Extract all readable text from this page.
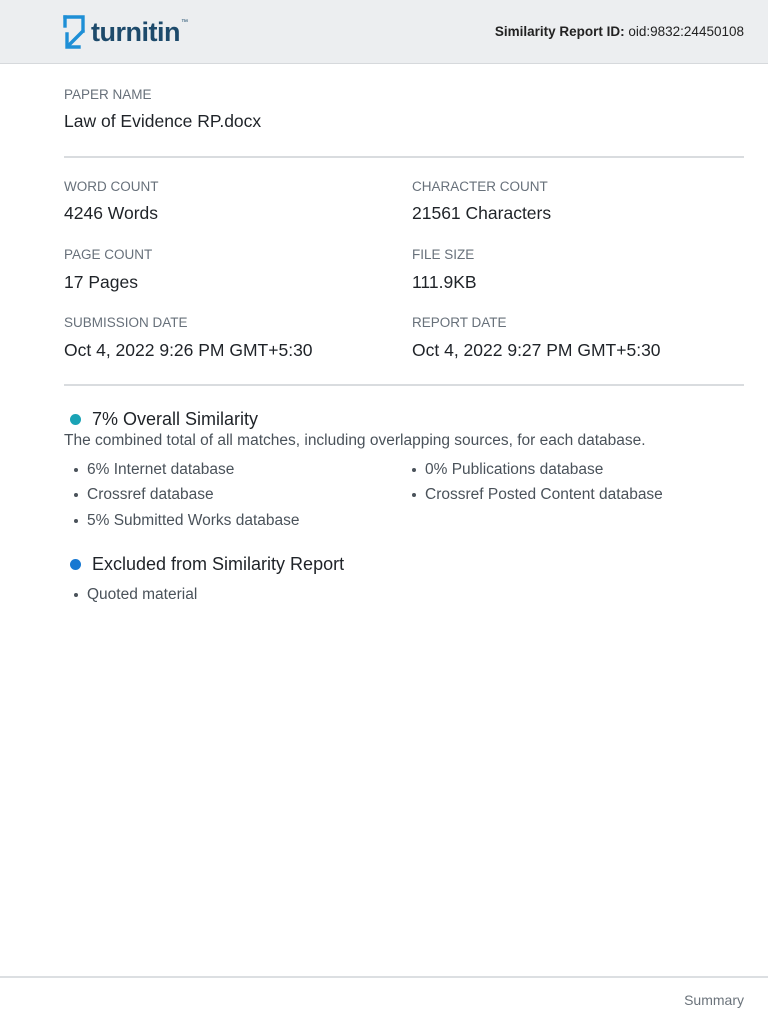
turnitin ™
Similarity Report ID: oid:9832:24450108
PAPER NAME
Law of Evidence RP.docx
WORD COUNT
4246 Words
CHARACTER COUNT
21561 Characters
PAGE COUNT
17 Pages
FILE SIZE
111.9KB
SUBMISSION DATE
Oct 4, 2022 9:26 PM GMT+5:30
REPORT DATE
Oct 4, 2022 9:27 PM GMT+5:30
7% Overall Similarity
The combined total of all matches, including overlapping sources, for each database.
6% Internet database
Crossref database
5% Submitted Works database
0% Publications database
Crossref Posted Content database
Excluded from Similarity Report
Quoted material
Summary
